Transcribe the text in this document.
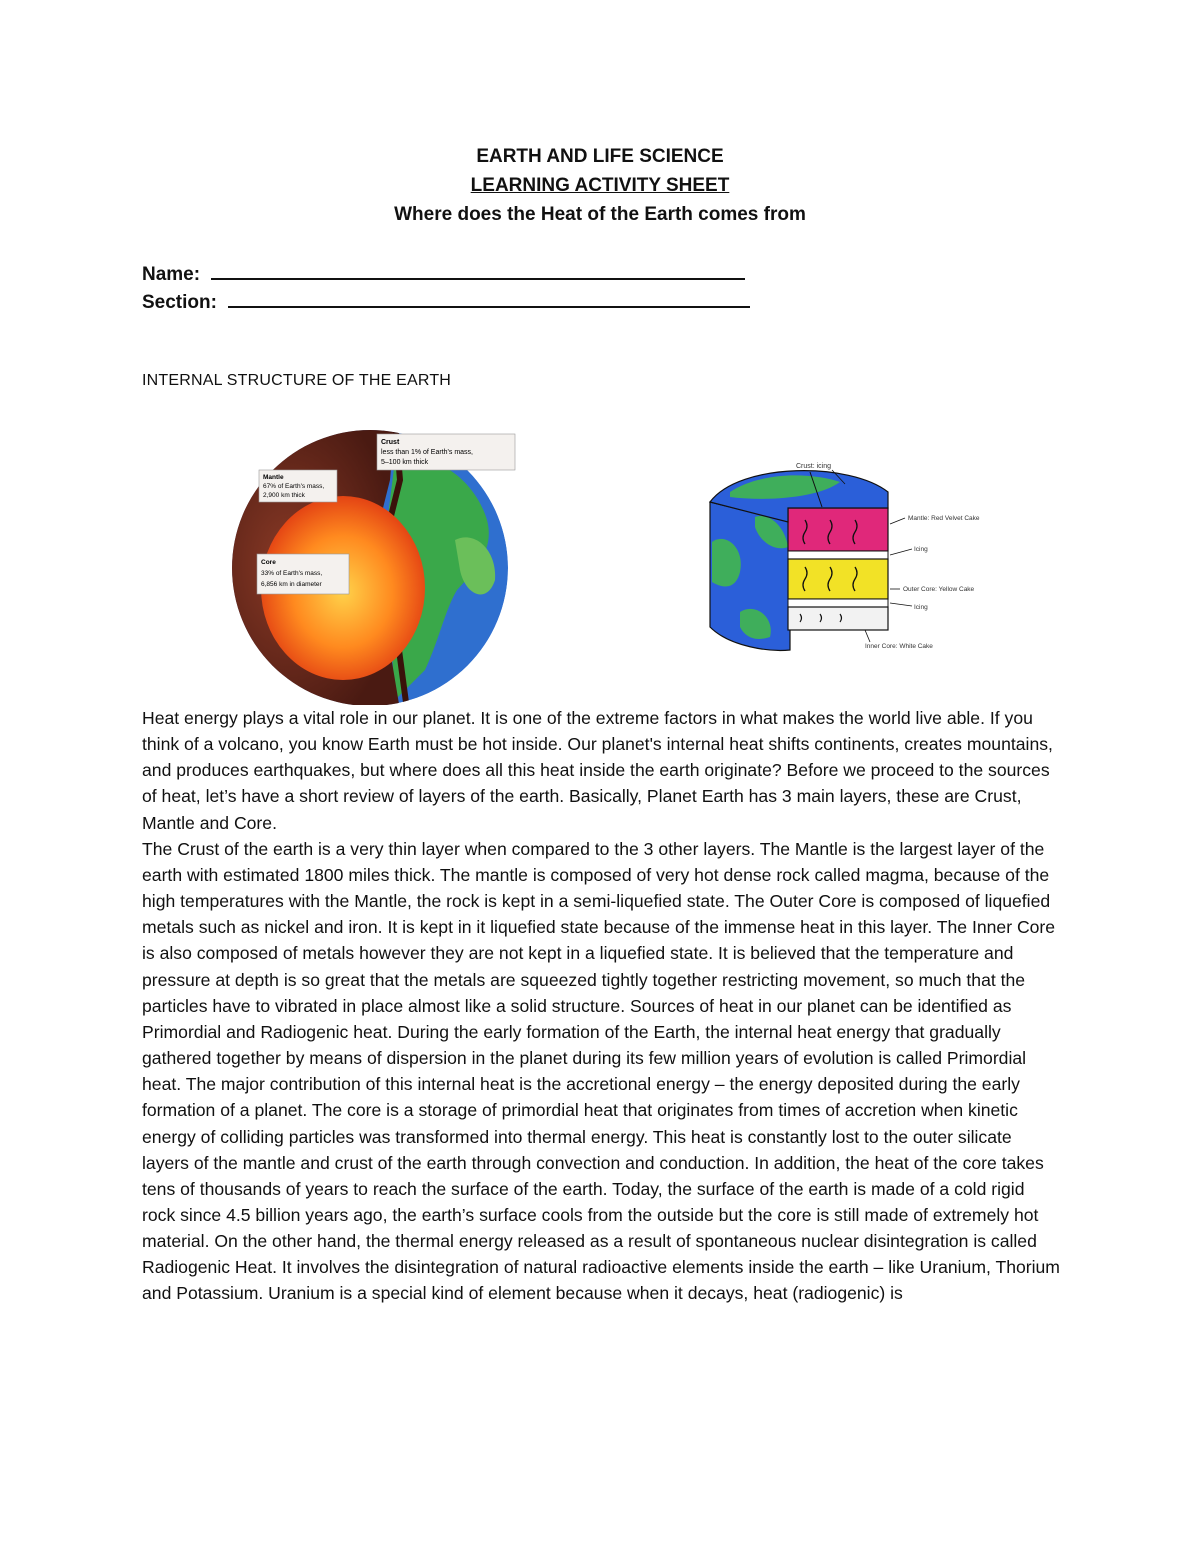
EARTH AND LIFE SCIENCE
LEARNING ACTIVITY SHEET
Where does the Heat of the Earth comes from
Name:
Section:
INTERNAL STRUCTURE OF THE EARTH
Crust
less than 1% of Earth's mass,
5–100 km thick
Mantle
67% of Earth's mass,
2,900 km thick
Core
33% of Earth's mass,
6,856 km in diameter
Crust: icing
Mantle: Red Velvet Cake
Icing
Outer Core: Yellow Cake
Icing
Inner Core: White Cake

Heat energy plays a vital role in our planet. It is one of the extreme factors in what makes the world live able. If you think of a volcano, you know Earth must be hot inside. Our planet's internal heat shifts continents, creates mountains, and produces earthquakes, but where does all this heat inside the earth originate? Before we proceed to the sources of heat, let’s have a short review of layers of the earth. Basically, Planet Earth has 3 main layers, these are Crust, Mantle and Core.

The Crust of the earth is a very thin layer when compared to the 3 other layers. The Mantle is the largest layer of the earth with estimated 1800 miles thick. The mantle is composed of very hot dense rock called magma, because of the high temperatures with the Mantle, the rock is kept in a semi-liquefied state. The Outer Core is composed of liquefied metals such as nickel and iron. It is kept in it liquefied state because of the immense heat in this layer. The Inner Core is also composed of metals however they are not kept in a liquefied state. It is believed that the temperature and pressure at depth is so great that the metals are squeezed tightly together restricting movement, so much that the particles have to vibrated in place almost like a solid structure. Sources of heat in our planet can be identified as Primordial and Radiogenic heat. During the early formation of the Earth, the internal heat energy that gradually gathered together by means of dispersion in the planet during its few million years of evolution is called Primordial heat. The major contribution of this internal heat is the accretional energy – the energy deposited during the early formation of a planet. The core is a storage of primordial heat that originates from times of accretion when kinetic energy of colliding particles was transformed into thermal energy. This heat is constantly lost to the outer silicate layers of the mantle and crust of the earth through convection and conduction. In addition, the heat of the core takes tens of thousands of years to reach the surface of the earth. Today, the surface of the earth is made of a cold rigid rock since 4.5 billion years ago, the earth’s surface cools from the outside but the core is still made of extremely hot material. On the other hand, the thermal energy released as a result of spontaneous nuclear disintegration is called Radiogenic Heat. It involves the disintegration of natural radioactive elements inside the earth – like Uranium, Thorium and Potassium. Uranium is a special kind of element because when it decays, heat (radiogenic) is
